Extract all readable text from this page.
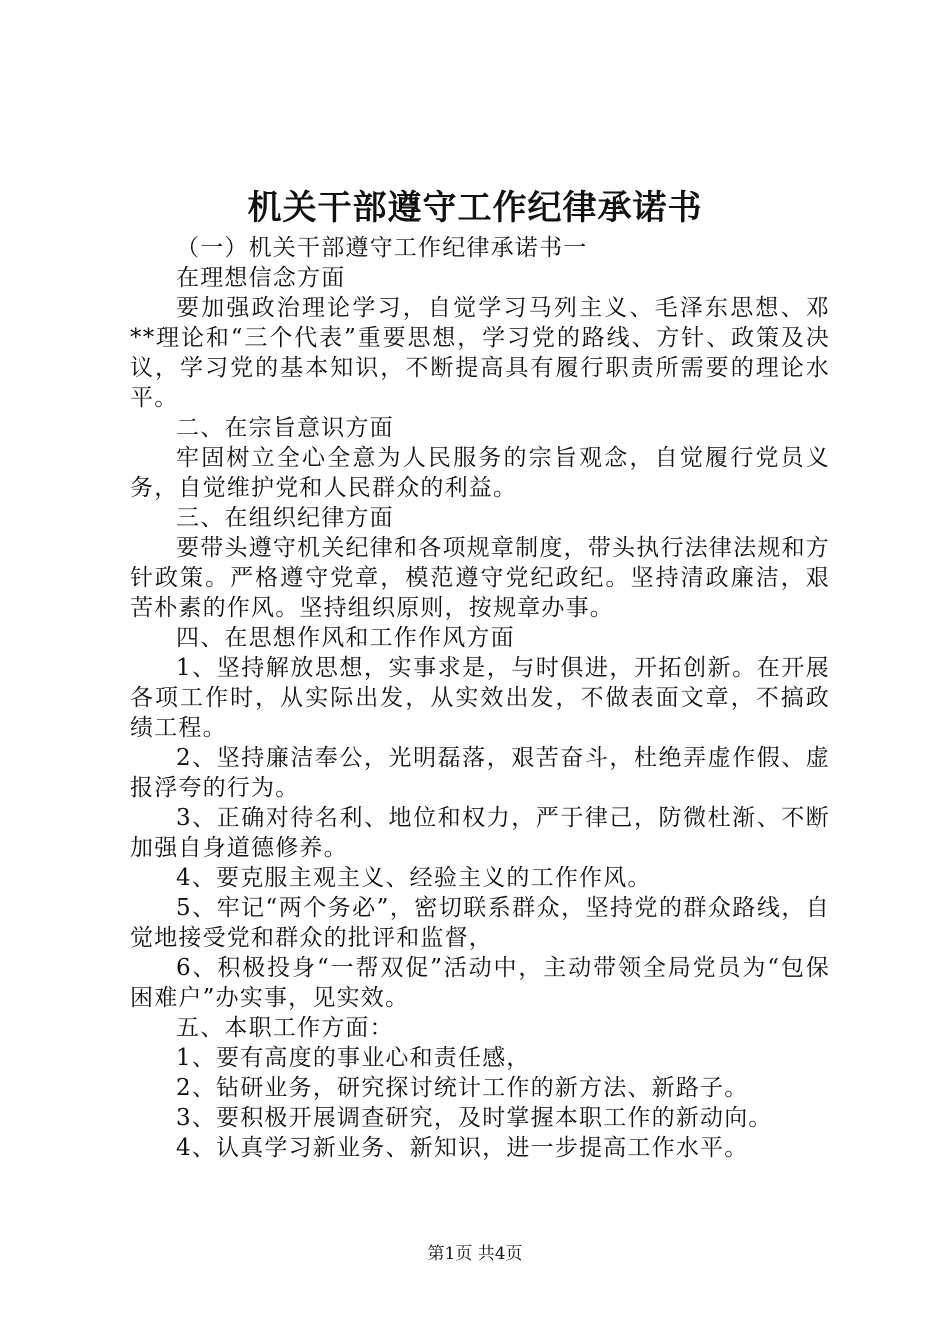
机关干部遵守工作纪律承诺书

（一）机关干部遵守工作纪律承诺书一

在理想信念方面

要加强政治理论学习，自觉学习马列主义、毛泽东思想、邓**理论和“三个代表”重要思想，学习党的路线、方针、政策及决议，学习党的基本知识，不断提高具有履行职责所需要的理论水平。

二、在宗旨意识方面

牢固树立全心全意为人民服务的宗旨观念，自觉履行党员义务，自觉维护党和人民群众的利益。

三、在组织纪律方面

要带头遵守机关纪律和各项规章制度，带头执行法律法规和方针政策。严格遵守党章，模范遵守党纪政纪。坚持清政廉洁，艰苦朴素的作风。坚持组织原则，按规章办事。

四、在思想作风和工作作风方面

1、坚持解放思想，实事求是，与时俱进，开拓创新。在开展各项工作时，从实际出发，从实效出发，不做表面文章，不搞政绩工程。

2、坚持廉洁奉公，光明磊落，艰苦奋斗，杜绝弄虚作假、虚报浮夸的行为。

3、正确对待名利、地位和权力，严于律己，防微杜渐、不断加强自身道德修养。

4、要克服主观主义、经验主义的工作作风。

5、牢记“两个务必”，密切联系群众，坚持党的群众路线，自觉地接受党和群众的批评和监督，

6、积极投身“一帮双促”活动中，主动带领全局党员为“包保困难户”办实事，见实效。

五、本职工作方面：

1、要有高度的事业心和责任感，

2、钻研业务，研究探讨统计工作的新方法、新路子。

3、要积极开展调查研究，及时掌握本职工作的新动向。

4、认真学习新业务、新知识，进一步提高工作水平。

第1页 共4页
